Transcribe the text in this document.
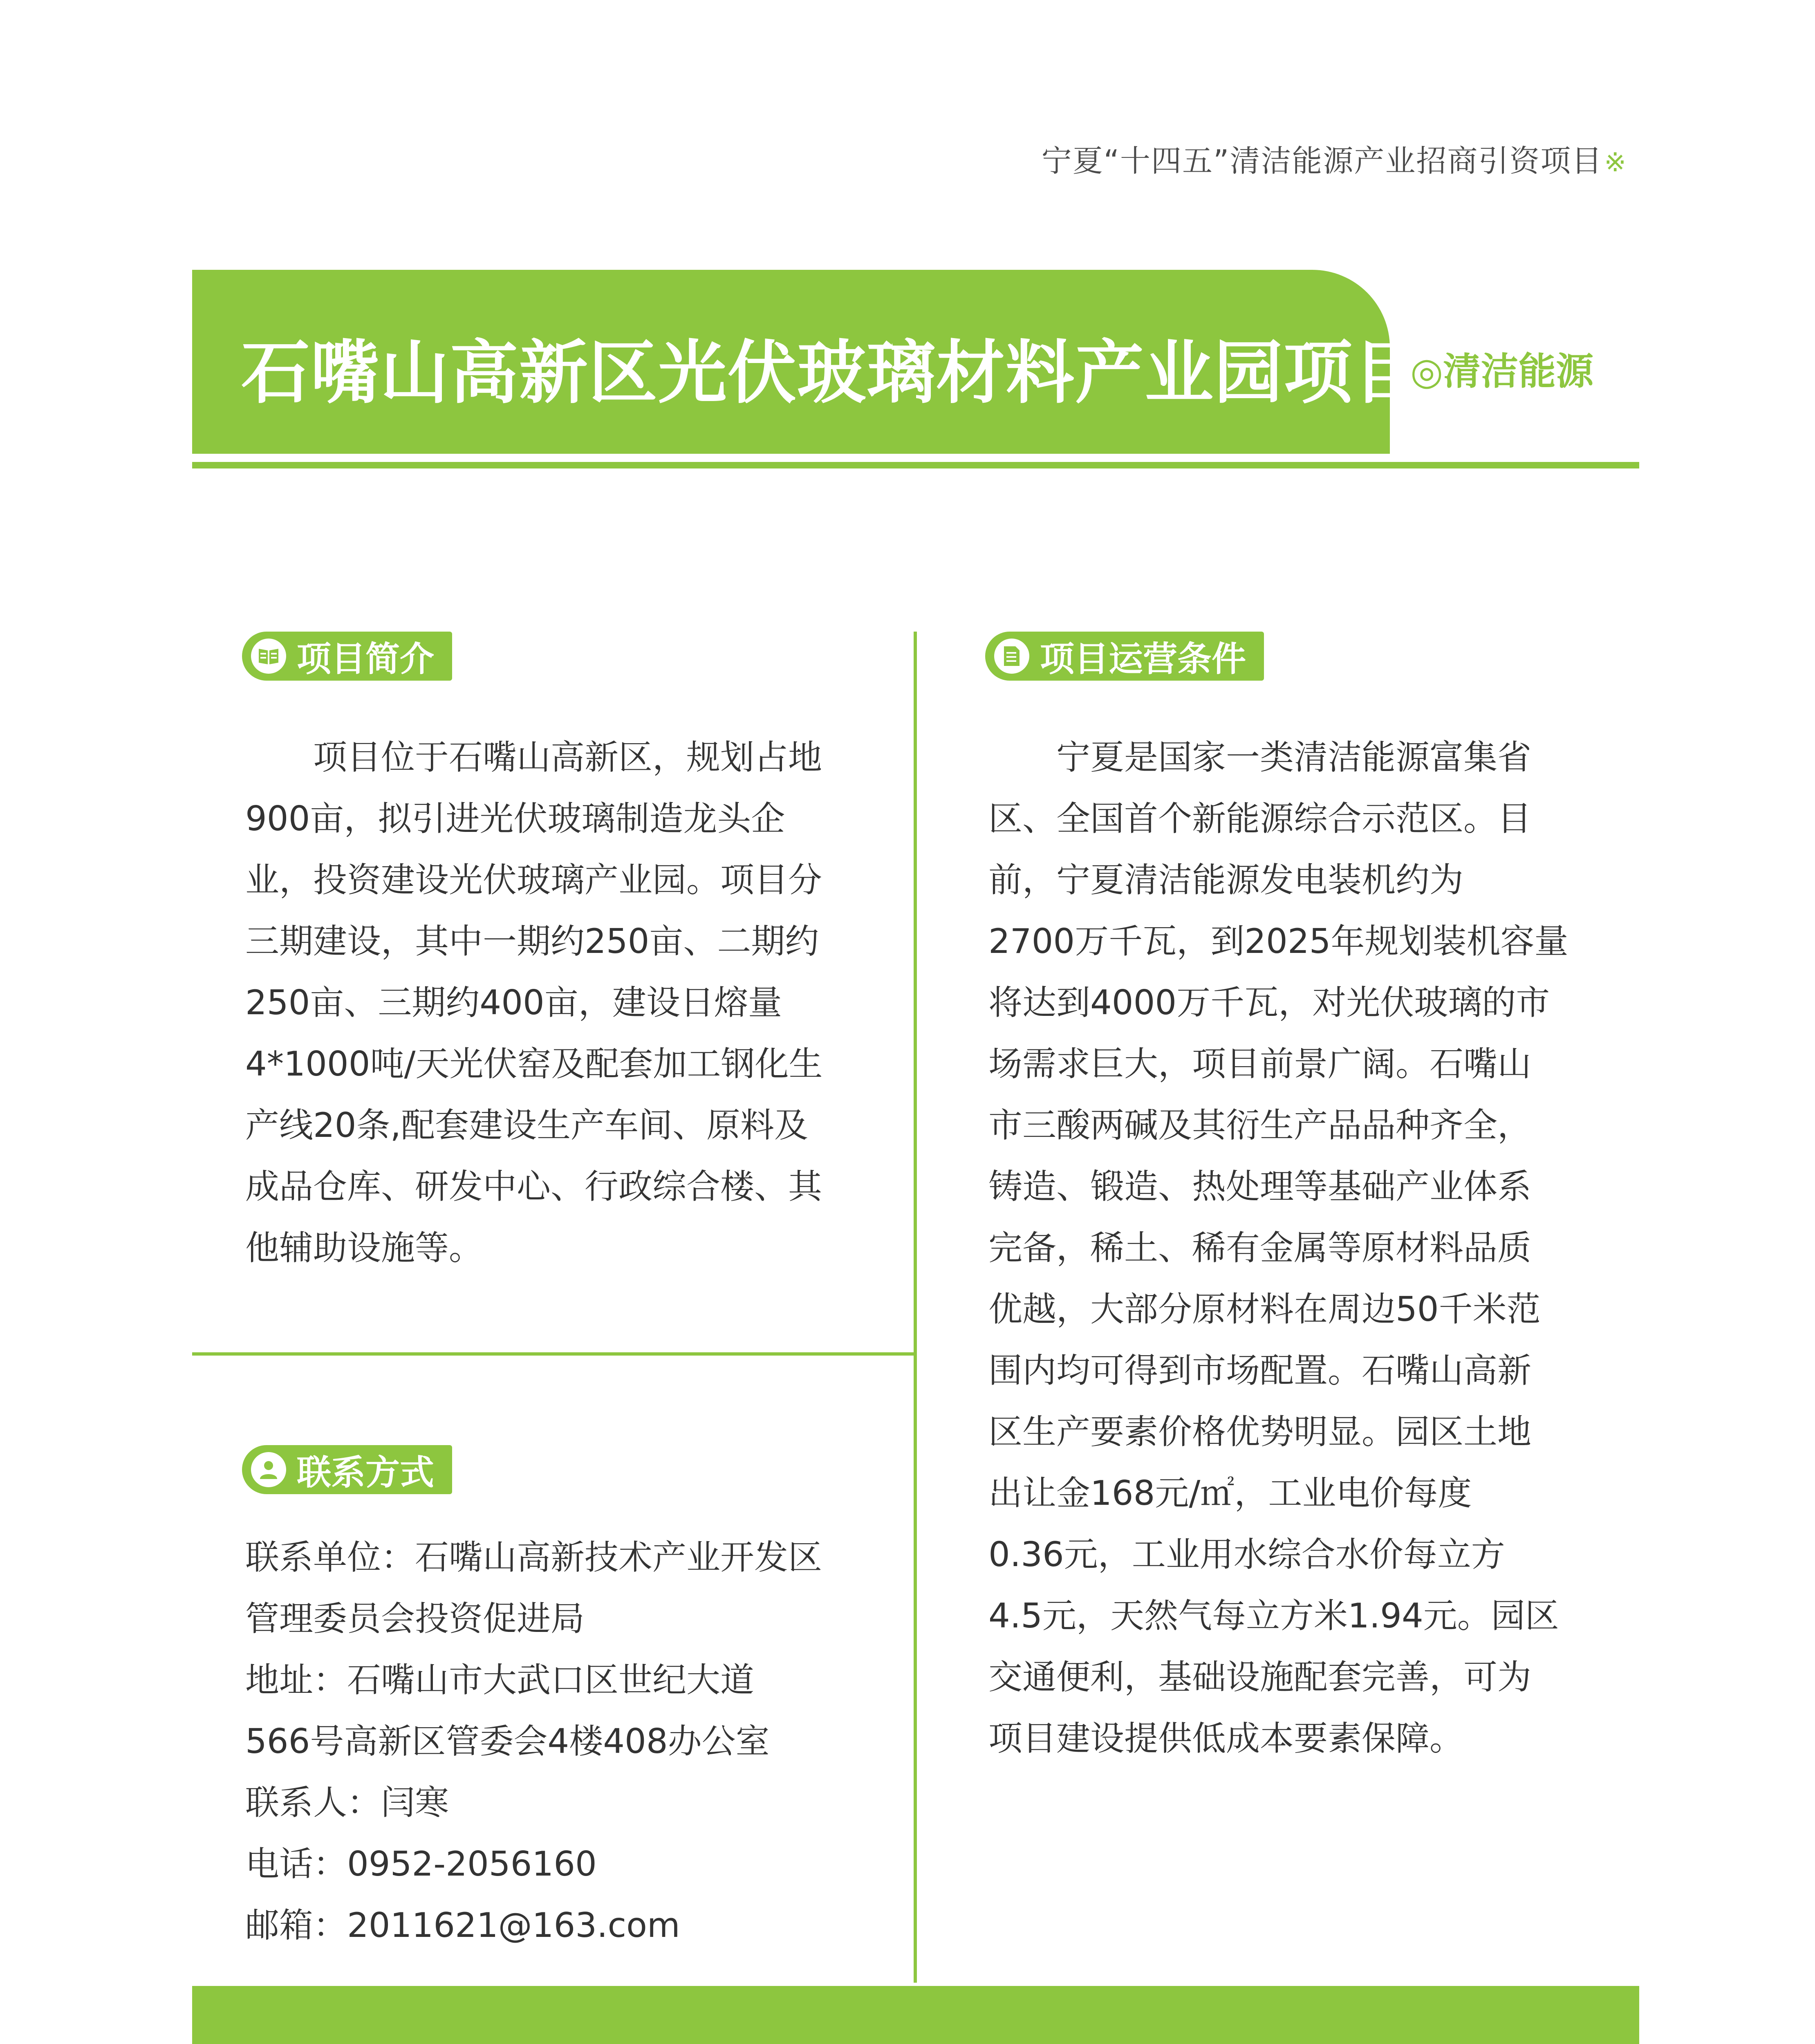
宁夏“十四五”清洁能源产业招商引资项目※
石嘴山高新区光伏玻璃材料产业园项目
◎清洁能源
项目简介
项目位于石嘴山高新区，规划占地
900亩，拟引进光伏玻璃制造龙头企
业，投资建设光伏玻璃产业园。项目分
三期建设，其中一期约250亩、二期约
250亩、三期约400亩，建设日熔量
4*1000吨/天光伏窑及配套加工钢化生
产线20条,配套建设生产车间、原料及
成品仓库、研发中心、行政综合楼、其
他辅助设施等。
联系方式
联系单位：石嘴山高新技术产业开发区
管理委员会投资促进局
地址：石嘴山市大武口区世纪大道
566号高新区管委会4楼408办公室
联系人：闫寒
电话：0952-2056160
邮箱：2011621@163.com
项目运营条件
宁夏是国家一类清洁能源富集省
区、全国首个新能源综合示范区。目
前，宁夏清洁能源发电装机约为
2700万千瓦，到2025年规划装机容量
将达到4000万千瓦，对光伏玻璃的市
场需求巨大，项目前景广阔。石嘴山
市三酸两碱及其衍生产品品种齐全，
铸造、锻造、热处理等基础产业体系
完备，稀土、稀有金属等原材料品质
优越，大部分原材料在周边50千米范
围内均可得到市场配置。石嘴山高新
区生产要素价格优势明显。园区土地
出让金168元/㎡，工业电价每度
0.36元，工业用水综合水价每立方
4.5元，天然气每立方米1.94元。园区
交通便利，基础设施配套完善，可为
项目建设提供低成本要素保障。
